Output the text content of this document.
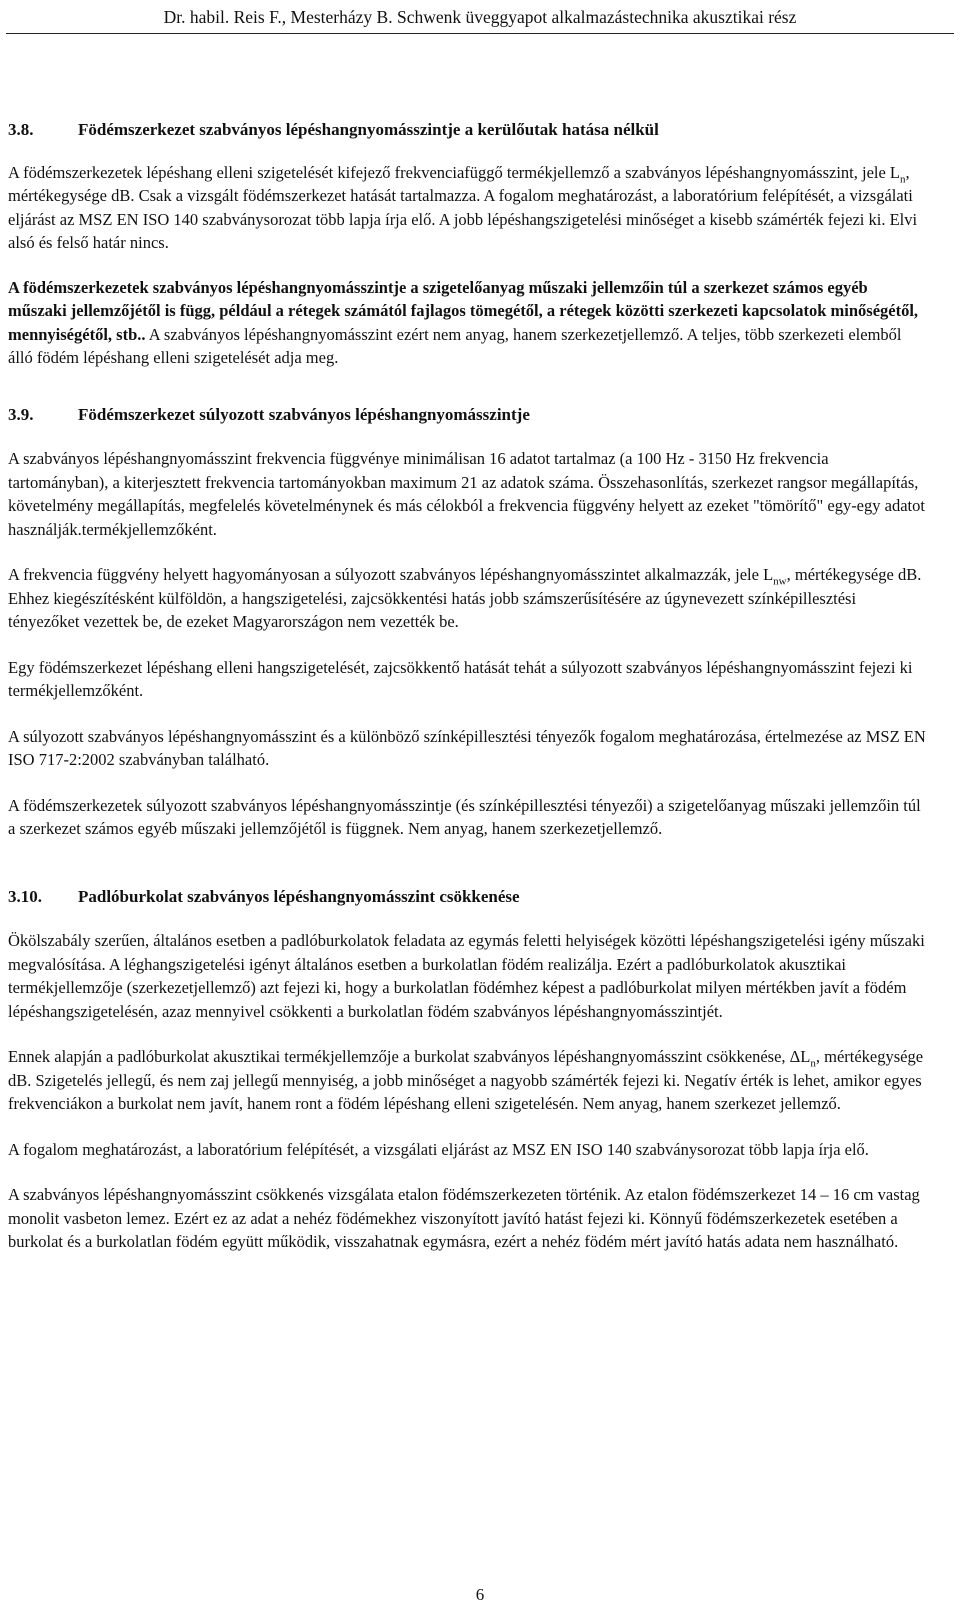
Dr. habil. Reis F., Mesterházy B. Schwenk üveggyapot alkalmazástechnika akusztikai rész
3.8.	Födémszerkezet szabványos lépéshangnyomásszintje a kerülőutak hatása nélkül

A födémszerkezetek lépéshang elleni szigetelését kifejező frekvenciafüggő termékjellemző a szabványos lépéshangnyomásszint, jele $L_n$, mértékegysége dB. Csak a vizsgált födémszerkezet hatását tartalmazza. A fogalom meghatározást, a laboratórium felépítését, a vizsgálati eljárást az MSZ EN ISO 140 szabványsorozat több lapja írja elő. A jobb lépéshangszigetelési minőséget a kisebb számérték fejezi ki. Elvi alsó és felső határ nincs.

A födémszerkezetek szabványos lépéshangnyomásszintje a szigetelőanyag műszaki jellemzőin túl a szerkezet számos egyéb műszaki jellemzőjétől is függ, például a rétegek számától fajlagos tömegétől, a rétegek közötti szerkezeti kapcsolatok minőségétől, mennyiségétől, stb.. A szabványos lépéshangnyomásszint ezért nem anyag, hanem szerkezetjellemző. A teljes, több szerkezeti elemből álló födém lépéshang elleni szigetelését adja meg.

3.9.	Födémszerkezet súlyozott szabványos lépéshangnyomásszintje

A szabványos lépéshangnyomásszint frekvencia függvénye minimálisan 16 adatot tartalmaz (a 100 Hz - 3150 Hz frekvencia tartományban), a kiterjesztett frekvencia tartományokban maximum 21 az adatok száma. Összehasonlítás, szerkezet rangsor megállapítás, követelmény megállapítás, megfelelés követelménynek és más célokból a frekvencia függvény helyett az ezeket "tömörítő" egy-egy adatot használják.termékjellemzőként.

A frekvencia függvény helyett hagyományosan a súlyozott szabványos lépéshangnyomásszintet alkalmazzák, jele $L_{nw}$, mértékegysége dB. Ehhez kiegészítésként külföldön, a hangszigetelési, zajcsökkentési hatás jobb számszerűsítésére az úgynevezett színképillesztési tényezőket vezettek be, de ezeket Magyarországon nem vezették be.

Egy födémszerkezet lépéshang elleni hangszigetelését, zajcsökkentő hatását tehát a súlyozott szabványos lépéshangnyomásszint fejezi ki termékjellemzőként.

A súlyozott szabványos lépéshangnyomásszint és a különböző színképillesztési tényezők fogalom meghatározása, értelmezése az MSZ EN ISO 717-2:2002 szabványban található.

A födémszerkezetek súlyozott szabványos lépéshangnyomásszintje (és színképillesztési tényezői) a szigetelőanyag műszaki jellemzőin túl a szerkezet számos egyéb műszaki jellemzőjétől is függnek. Nem anyag, hanem szerkezetjellemző.

3.10.	Padlóburkolat szabványos lépéshangnyomásszint csökkenése

Ökölszabály szerűen, általános esetben a padlóburkolatok feladata az egymás feletti helyiségek közötti lépéshangszigetelési igény műszaki megvalósítása. A léghangszigetelési igényt általános esetben a burkolatlan födém realizálja. Ezért a padlóburkolatok akusztikai termékjellemzője (szerkezetjellemző) azt fejezi ki, hogy a burkolatlan födémhez képest a padlóburkolat milyen mértékben javít a födém lépéshangszigetelésén, azaz mennyivel csökkenti a burkolatlan födém szabványos lépéshangnyomásszintjét.

Ennek alapján a padlóburkolat akusztikai termékjellemzője a burkolat szabványos lépéshangnyomásszint csökkenése, $\Delta L_n$, mértékegysége dB. Szigetelés jellegű, és nem zaj jellegű mennyiség, a jobb minőséget a nagyobb számérték fejezi ki. Negatív érték is lehet, amikor egyes frekvenciákon a burkolat nem javít, hanem ront a födém lépéshang elleni szigetelésén. Nem anyag, hanem szerkezet jellemző.

A fogalom meghatározást, a laboratórium felépítését, a vizsgálati eljárást az MSZ EN ISO 140 szabványsorozat több lapja írja elő.

A szabványos lépéshangnyomásszint csökkenés vizsgálata etalon födémszerkezeten történik. Az etalon födémszerkezet 14 – 16 cm vastag monolit vasbeton lemez. Ezért ez az adat a nehéz födémekhez viszonyított javító hatást fejezi ki. Könnyű födémszerkezetek esetében a burkolat és a burkolatlan födém együtt működik, visszahatnak egymásra, ezért a nehéz födém mért javító hatás adata nem használható.

6
